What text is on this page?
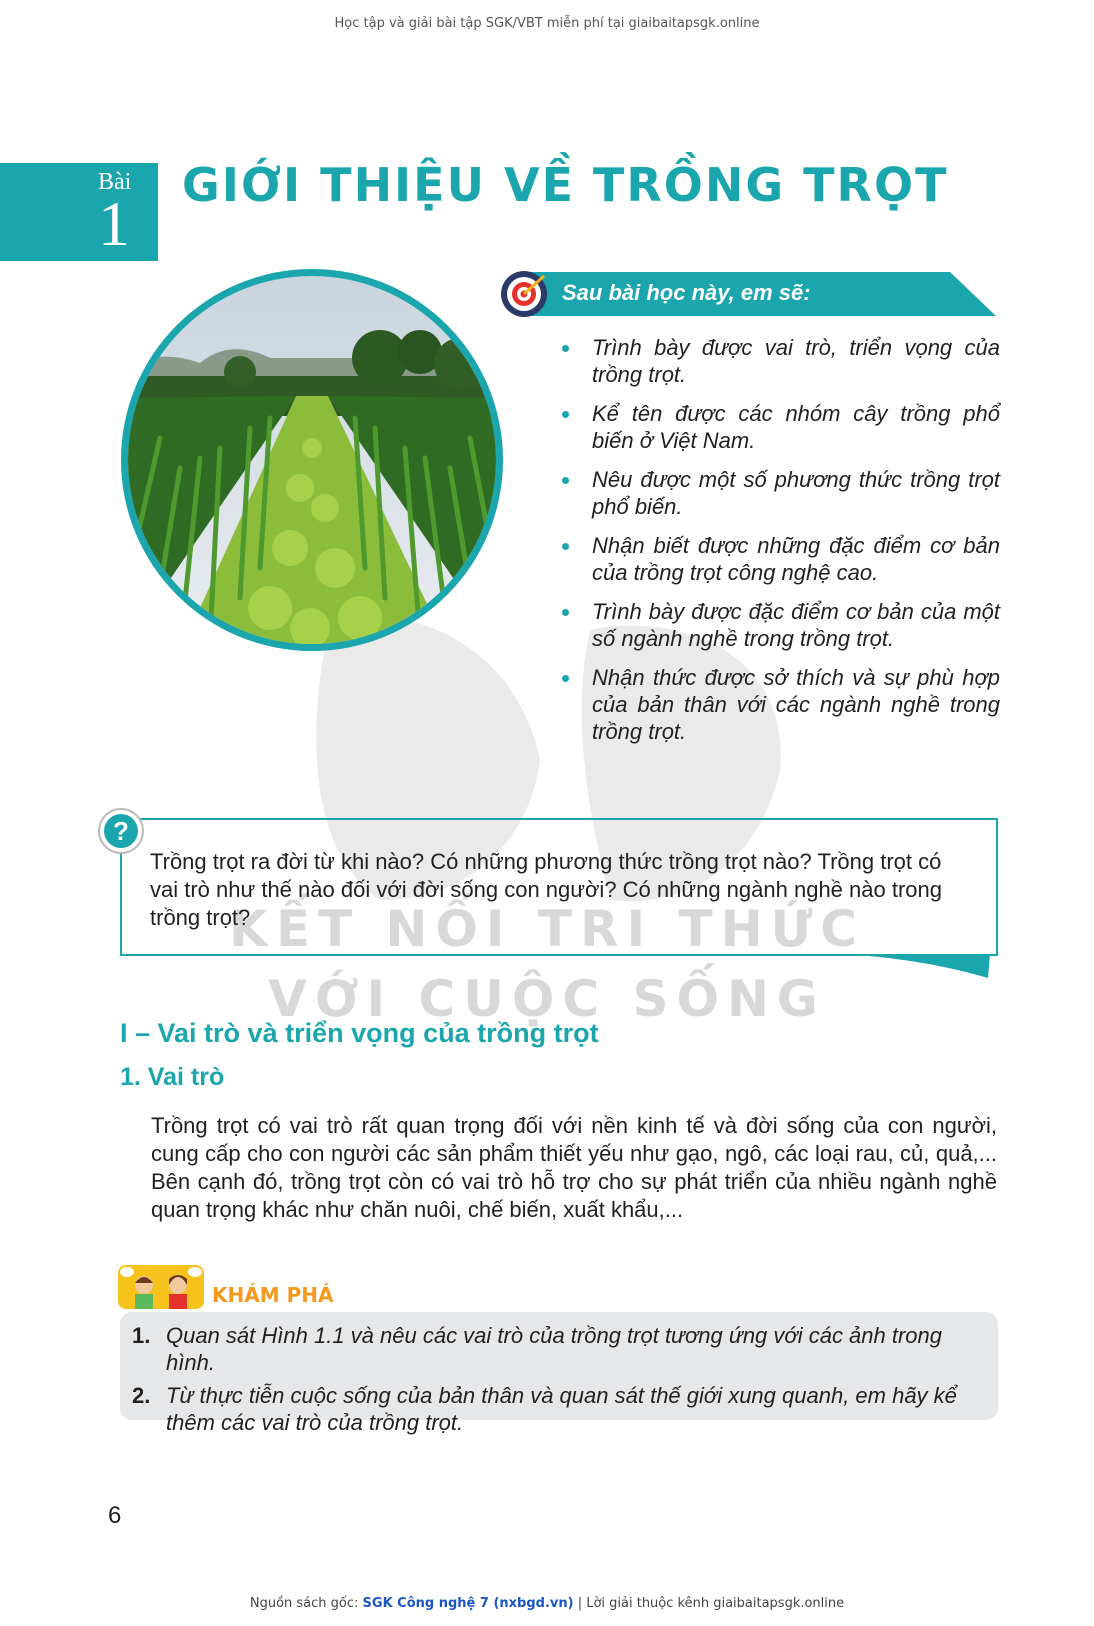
Học tập và giải bài tập SGK/VBT miễn phí tại giaibaitapsgk.online
KẾT NỐI TRI THỨC
VỚI CUỘC SỐNG
Bài
1
GIỚI THIỆU VỀ TRỒNG TRỌT
Sau bài học này, em sẽ:
Trình bày được vai trò, triển vọng của trồng trọt.
Kể tên được các nhóm cây trồng phổ biến ở Việt Nam.
Nêu được một số phương thức trồng trọt phổ biến.
Nhận biết được những đặc điểm cơ bản của trồng trọt công nghệ cao.
Trình bày được đặc điểm cơ bản của một số ngành nghề trong trồng trọt.
Nhận thức được sở thích và sự phù hợp của bản thân với các ngành nghề trong trồng trọt.
?
Trồng trọt ra đời từ khi nào? Có những phương thức trồng trọt nào? Trồng trọt có vai trò như thế nào đối với đời sống con người? Có những ngành nghề nào trong trồng trọt?
I – Vai trò và triển vọng của trồng trọt
1. Vai trò
Trồng trọt có vai trò rất quan trọng đối với nền kinh tế và đời sống của con người, cung cấp cho con người các sản phẩm thiết yếu như gạo, ngô, các loại rau, củ, quả,... Bên cạnh đó, trồng trọt còn có vai trò hỗ trợ cho sự phát triển của nhiều ngành nghề quan trọng khác như chăn nuôi, chế biến, xuất khẩu,...
KHÁM PHÁ
1. Quan sát Hình 1.1 và nêu các vai trò của trồng trọt tương ứng với các ảnh trong hình.
2. Từ thực tiễn cuộc sống của bản thân và quan sát thế giới xung quanh, em hãy kể thêm các vai trò của trồng trọt.
6
Nguồn sách gốc: SGK Công nghệ 7 (nxbgd.vn) | Lời giải thuộc kênh giaibaitapsgk.online
